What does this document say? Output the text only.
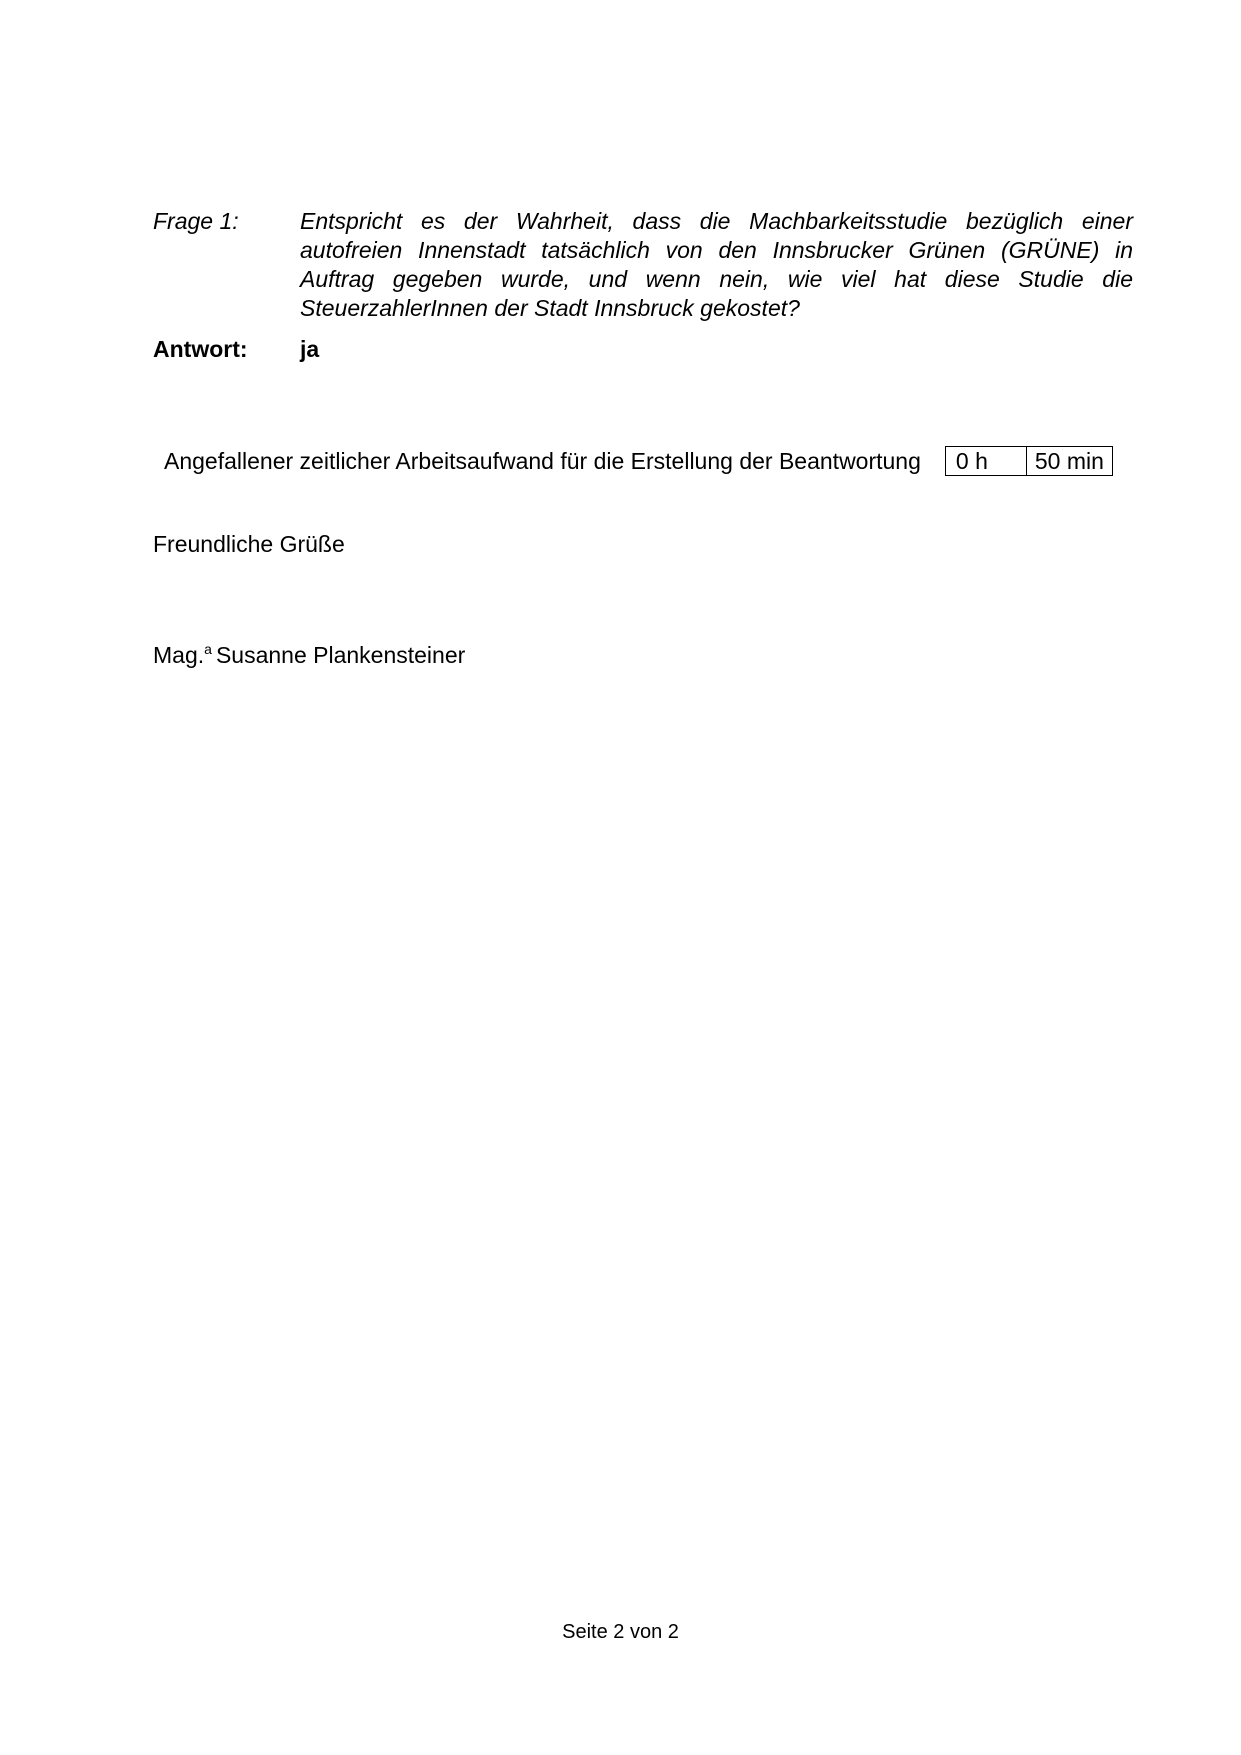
Frage 1:	Entspricht es der Wahrheit, dass die Machbarkeitsstudie bezüglich einer autofreien Innenstadt tatsächlich von den Innsbrucker Grünen (GRÜNE) in Auftrag gegeben wurde, und wenn nein, wie viel hat diese Studie die SteuerzahlerInnen der Stadt Innsbruck gekostet?
Antwort:	ja
Angefallener zeitlicher Arbeitsaufwand für die Erstellung der Beantwortung	0 h	50 min
Freundliche Grüße
Mag.$^a$ Susanne Plankensteiner
Seite 2 von 2
